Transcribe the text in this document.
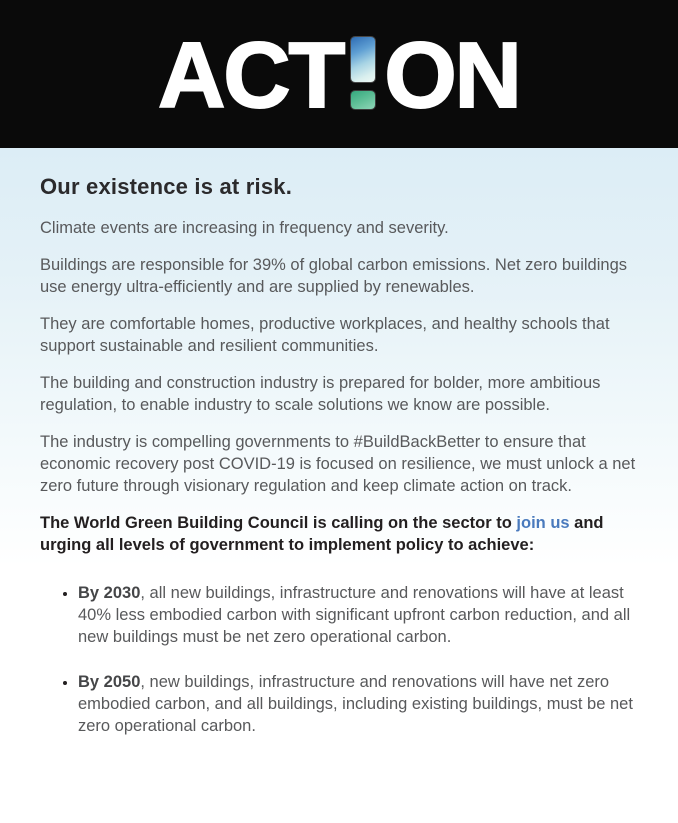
ACT ON
Our existence is at risk.

Climate events are increasing in frequency and severity.

Buildings are responsible for 39% of global carbon emissions. Net zero buildings use energy ultra-efficiently and are supplied by renewables.

They are comfortable homes, productive workplaces, and healthy schools that support sustainable and resilient communities.

The building and construction industry is prepared for bolder, more ambitious regulation, to enable industry to scale solutions we know are possible.

The industry is compelling governments to #BuildBackBetter to ensure that economic recovery post COVID-19 is focused on resilience, we must unlock a net zero future through visionary regulation and keep climate action on track.

The World Green Building Council is calling on the sector to join us and urging all levels of government to implement policy to achieve:

• By 2030, all new buildings, infrastructure and renovations will have at least 40% less embodied carbon with significant upfront carbon reduction, and all new buildings must be net zero operational carbon.
• By 2050, new buildings, infrastructure and renovations will have net zero embodied carbon, and all buildings, including existing buildings, must be net zero operational carbon.
